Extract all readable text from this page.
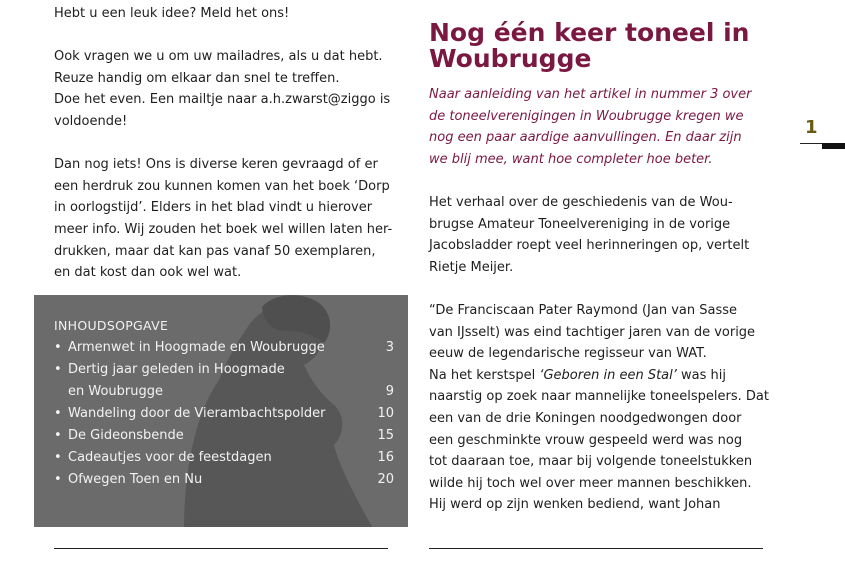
Hebt u een leuk idee? Meld het ons!

Ook vragen we u om uw mailadres, als u dat hebt.

Reuze handig om elkaar dan snel te treffen.

Doe het even. Een mailtje naar a.h.zwarst@ziggo is

voldoende!

Dan nog iets! Ons is diverse keren gevraagd of er

een herdruk zou kunnen komen van het boek ‘Dorp

in oorlogstijd’. Elders in het blad vindt u hierover

meer info. Wij zouden het boek wel willen laten her-

drukken, maar dat kan pas vanaf 50 exemplaren,

en dat kost dan ook wel wat.

INHOUDSOPGAVE
• Armenwet in Hoogmade en Woubrugge	3
• Dertig jaar geleden in Hoogmade
en Woubrugge	9
• Wandeling door de Vierambachtspolder	10
• De Gideonsbende	15
• Cadeautjes voor de feestdagen	16
• Ofwegen Toen en Nu	20
Nog één keer toneel in
Woubrugge

Naar aanleiding van het artikel in nummer 3 over

de toneelverenigingen in Woubrugge kregen we

nog een paar aardige aanvullingen. En daar zijn

we blij mee, want hoe completer hoe beter.

Het verhaal over de geschiedenis van de Wou-

brugse Amateur Toneelvereniging in de vorige

Jacobsladder roept veel herinneringen op, vertelt

Rietje Meijer.

“De Franciscaan Pater Raymond (Jan van Sasse

van IJsselt) was eind tachtiger jaren van de vorige

eeuw de legendarische regisseur van WAT.

Na het kerstspel ‘Geboren in een Stal’ was hij

naarstig op zoek naar mannelijke toneelspelers. Dat

een van de drie Koningen noodgedwongen door

een geschminkte vrouw gespeeld werd was nog

tot daaraan toe, maar bij volgende toneelstukken

wilde hij toch wel over meer mannen beschikken.

Hij werd op zijn wenken bediend, want Johan

1
